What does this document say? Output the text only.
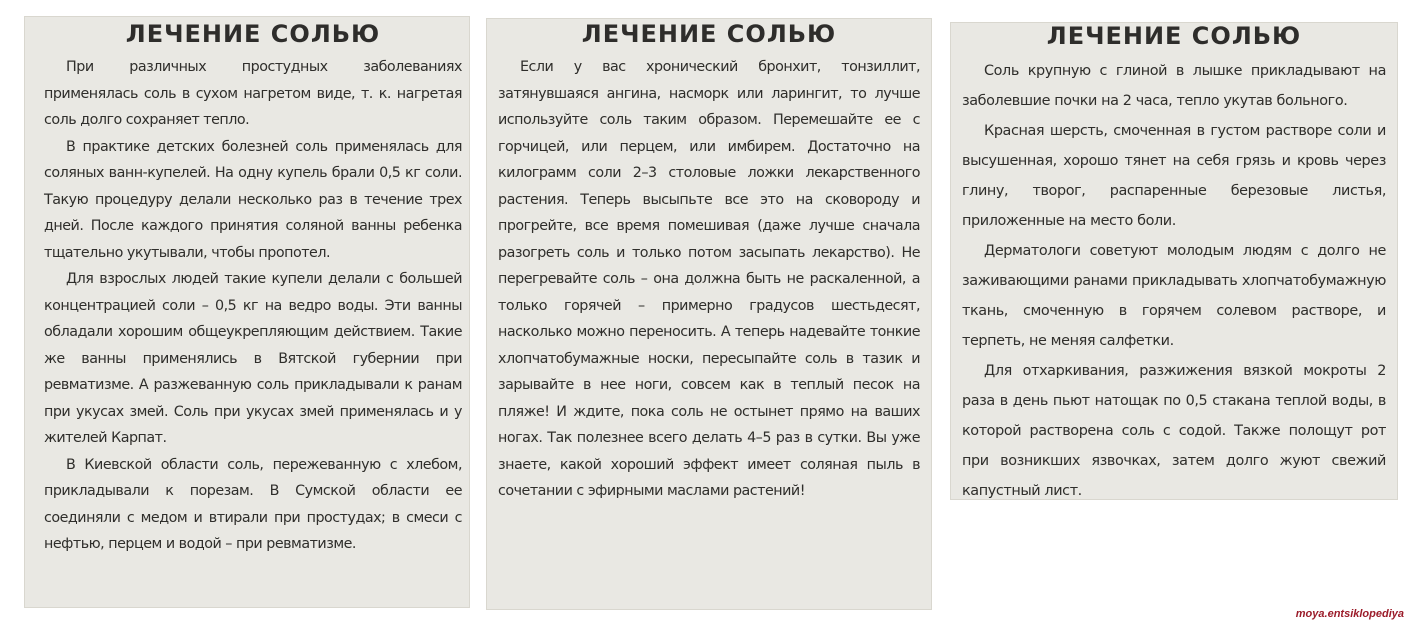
ЛЕЧЕНИЕ СОЛЬЮ

При различных простудных заболеваниях применялась соль в сухом нагретом виде, т. к. нагретая соль долго сохраняет тепло.

В практике детских болезней соль применялась для соляных ванн-купелей. На одну купель брали 0,5 кг соли. Такую процедуру делали несколько раз в течение трех дней. После каждого принятия соляной ванны ребенка тщательно укутывали, чтобы пропотел.

Для взрослых людей такие купели делали с большей концентрацией соли – 0,5 кг на ведро воды. Эти ванны обладали хорошим общеукрепляющим действием. Такие же ванны применялись в Вятской губернии при ревматизме. А разжеванную соль прикладывали к ранам при укусах змей. Соль при укусах змей применялась и у жителей Карпат.

В Киевской области соль, пережеванную с хлебом, прикладывали к порезам. В Сумской области ее соединяли с медом и втирали при простудах; в смеси с нефтью, перцем и водой – при ревматизме.

ЛЕЧЕНИЕ СОЛЬЮ

Если у вас хронический бронхит, тонзиллит, затянувшаяся ангина, насморк или ларингит, то лучше используйте соль таким образом. Перемешайте ее с горчицей, или перцем, или имбирем. Достаточно на килограмм соли 2–3 столовые ложки лекарственного растения. Теперь высыпьте все это на сковороду и прогрейте, все время помешивая (даже лучше сначала разогреть соль и только потом засыпать лекарство). Не перегревайте соль – она должна быть не раскаленной, а только горячей – примерно градусов шестьдесят, насколько можно переносить. А теперь надевайте тонкие хлопчатобумажные носки, пересыпайте соль в тазик и зарывайте в нее ноги, совсем как в теплый песок на пляже! И ждите, пока соль не остынет прямо на ваших ногах. Так полезнее всего делать 4–5 раз в сутки. Вы уже знаете, какой хороший эффект имеет соляная пыль в сочетании с эфирными маслами растений!

ЛЕЧЕНИЕ СОЛЬЮ

Соль крупную с глиной в лышке прикладывают на заболевшие почки на 2 часа, тепло укутав больного.

Красная шерсть, смоченная в густом растворе соли и высушенная, хорошо тянет на себя грязь и кровь через глину, творог, распаренные березовые листья, приложенные на место боли.

Дерматологи советуют молодым людям с долго не заживающими ранами прикладывать хлопчатобумажную ткань, смоченную в горячем солевом растворе, и терпеть, не меняя салфетки.

Для отхаркивания, разжижения вязкой мокроты 2 раза в день пьют натощак по 0,5 стакана теплой воды, в которой растворена соль с содой. Также полощут рот при возникших язвочках, затем долго жуют свежий капустный лист.

moya.entsiklopediya
